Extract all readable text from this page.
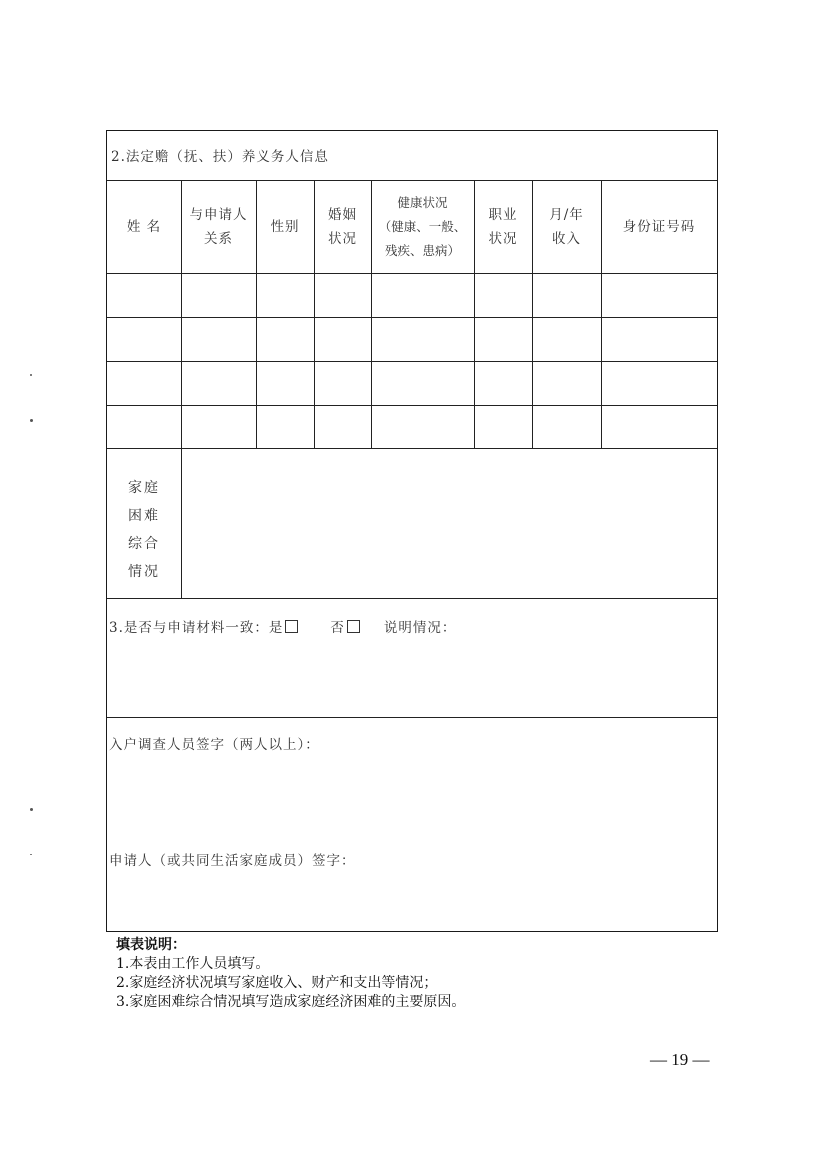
2.法定赡（抚、扶）养义务人信息
姓 名
与申请人
关系
性别
婚姻
状况
健康状况
（健康、一般、
残疾、患病）
职业
状况
月/年
收入
身份证号码
家庭
困难
综合
情况
3.是否与申请材料一致：是	否	说明情况：
入户调查人员签字（两人以上）：
申请人（或共同生活家庭成员）签字：
填表说明：
1.本表由工作人员填写。
2.家庭经济状况填写家庭收入、财产和支出等情况；
3.家庭困难综合情况填写造成家庭经济困难的主要原因。
— 19 —
